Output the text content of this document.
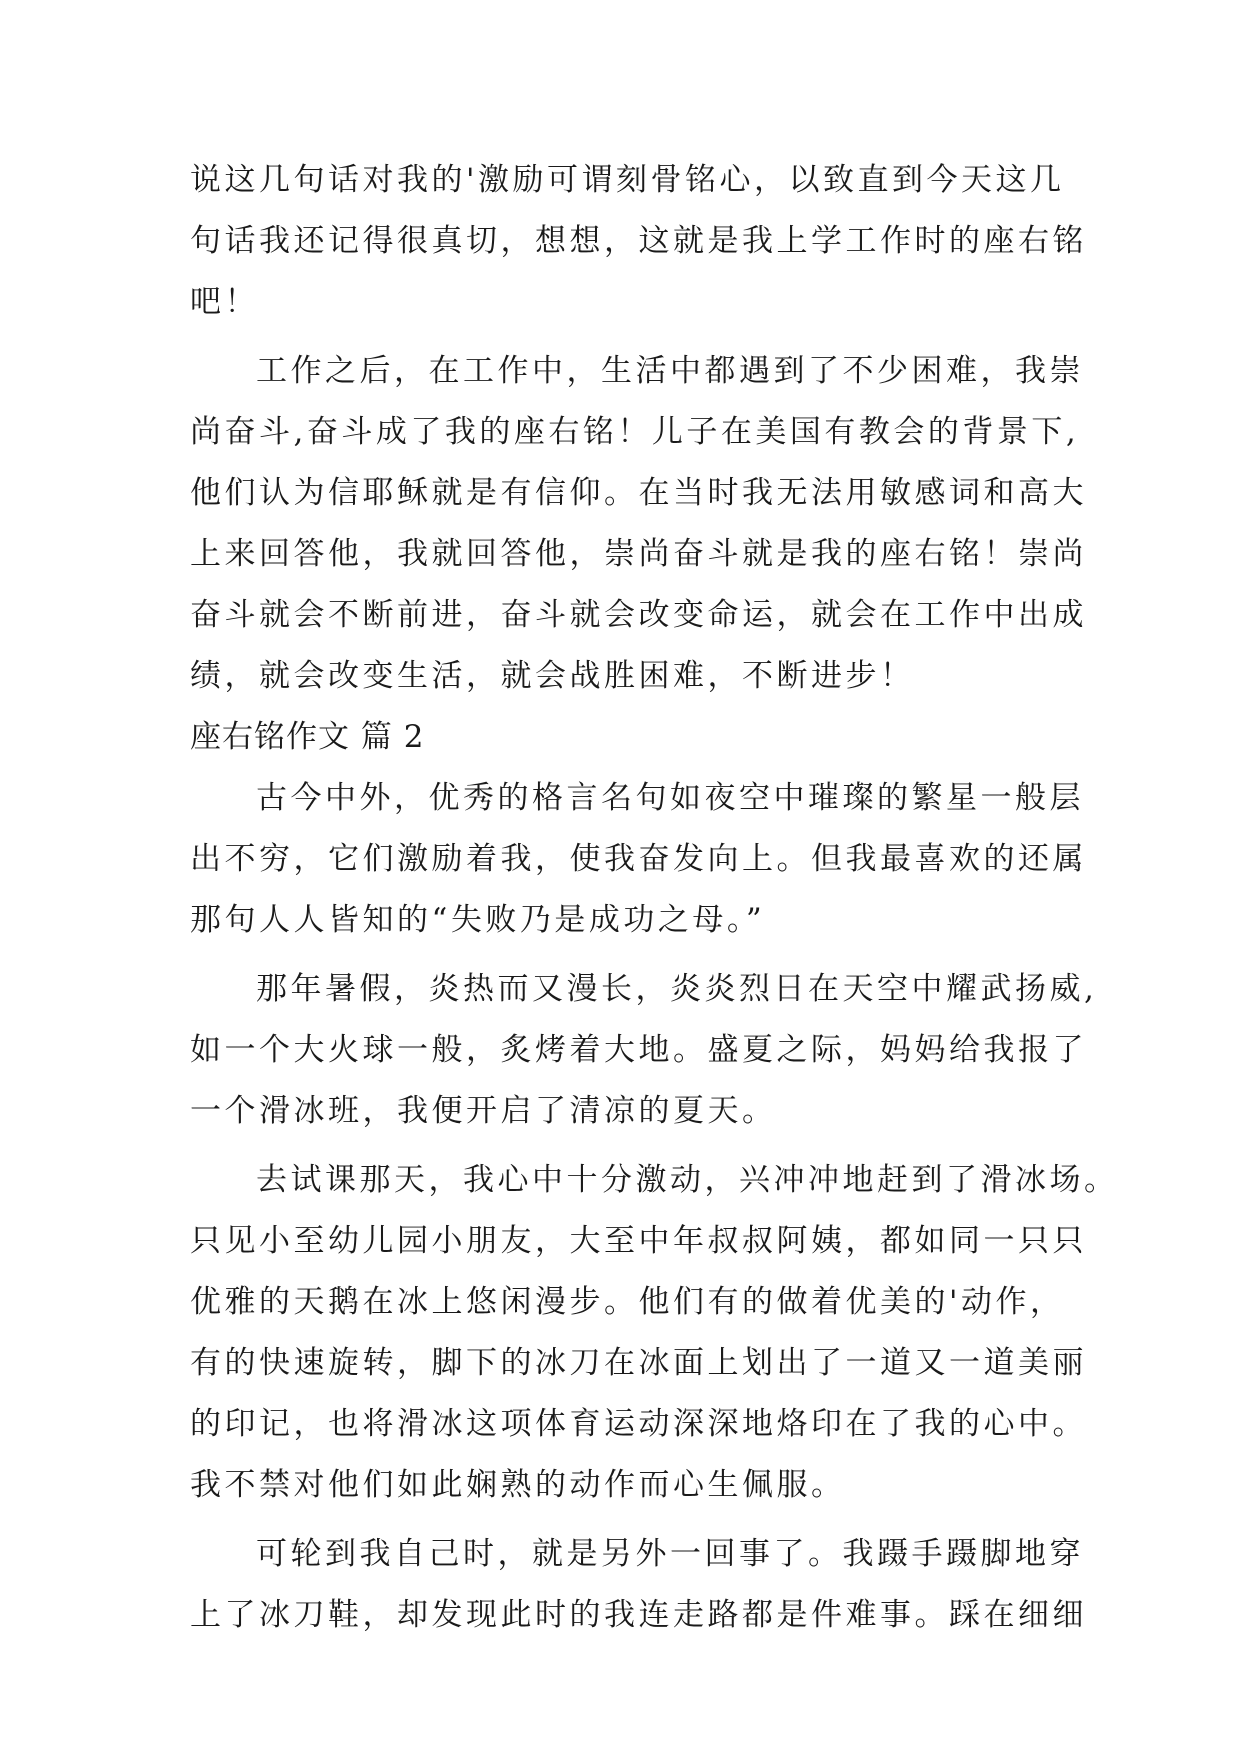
说这几句话对我的'激励可谓刻骨铭心，以致直到今天这几
句话我还记得很真切，想想，这就是我上学工作时的座右铭
吧！
工作之后，在工作中，生活中都遇到了不少困难，我崇
尚奋斗,奋斗成了我的座右铭！儿子在美国有教会的背景下,
他们认为信耶稣就是有信仰。在当时我无法用敏感词和高大
上来回答他，我就回答他，崇尚奋斗就是我的座右铭！崇尚
奋斗就会不断前进，奋斗就会改变命运，就会在工作中出成
绩，就会改变生活，就会战胜困难，不断进步！
座右铭作文 篇 2
古今中外，优秀的格言名句如夜空中璀璨的繁星一般层
出不穷，它们激励着我，使我奋发向上。但我最喜欢的还属
那句人人皆知的“失败乃是成功之母。”
那年暑假，炎热而又漫长，炎炎烈日在天空中耀武扬威,
如一个大火球一般，炙烤着大地。盛夏之际，妈妈给我报了
一个滑冰班，我便开启了清凉的夏天。
去试课那天，我心中十分激动，兴冲冲地赶到了滑冰场。
只见小至幼儿园小朋友，大至中年叔叔阿姨，都如同一只只
优雅的天鹅在冰上悠闲漫步。他们有的做着优美的'动作，
有的快速旋转，脚下的冰刀在冰面上划出了一道又一道美丽
的印记，也将滑冰这项体育运动深深地烙印在了我的心中。
我不禁对他们如此娴熟的动作而心生佩服。
可轮到我自己时，就是另外一回事了。我蹑手蹑脚地穿
上了冰刀鞋，却发现此时的我连走路都是件难事。踩在细细
